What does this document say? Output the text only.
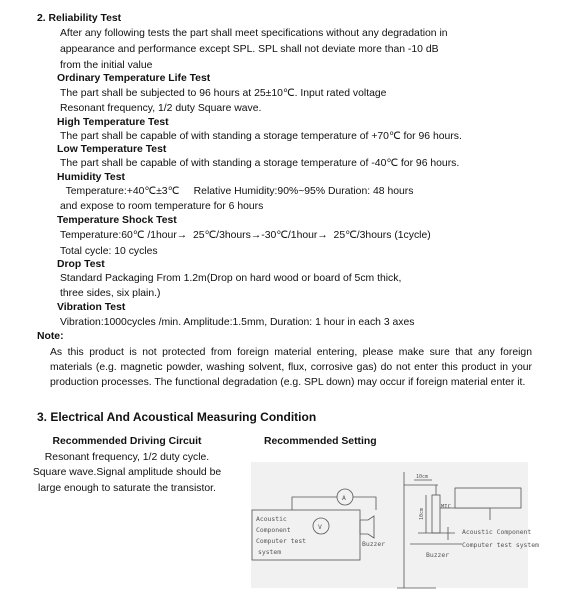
2. Reliability Test
After any following tests the part shall meet specifications without any degradation in
appearance and performance except SPL. SPL shall not deviate more than -10 dB
from the initial value
Ordinary Temperature Life Test
The part shall be subjected to 96 hours at 25±10℃. Input rated voltage
Resonant frequency, 1/2 duty Square wave.
High Temperature Test
The part shall be capable of with standing a storage temperature of +70℃ for 96 hours.
Low Temperature Test
The part shall be capable of with standing a storage temperature of -40℃ for 96 hours.
Humidity Test
Temperature:+40℃±3℃     Relative Humidity:90%~95% Duration: 48 hours
and expose to room temperature for 6 hours
Temperature Shock Test
Temperature:60℃ /1hour→  25℃/3hours→-30℃/1hour→  25℃/3hours (1cycle)
Total cycle: 10 cycles
Drop Test
Standard Packaging From 1.2m(Drop on hard wood or board of 5cm thick,
three sides, six plain.)
Vibration Test
Vibration:1000cycles /min. Amplitude:1.5mm, Duration: 1 hour in each 3 axes
Note:
As this product is not protected from foreign material entering, please make sure that any foreign
materials (e.g. magnetic powder, washing solvent, flux, corrosive gas) do not enter this product in your
production processes. The functional degradation (e.g. SPL down) may occur if foreign material enter it.
3. Electrical And Acoustical Measuring Condition
Recommended Driving Circuit
Resonant frequency, 1/2 duty cycle.
Square wave.Signal amplitude should be
large enough to saturate the transistor.
Recommended Setting
Acoustic
Component
Computer test
system
A
V
Buzzer
MIC
10cm
10cm
Buzzer
Acoustic Component
Computer test system
